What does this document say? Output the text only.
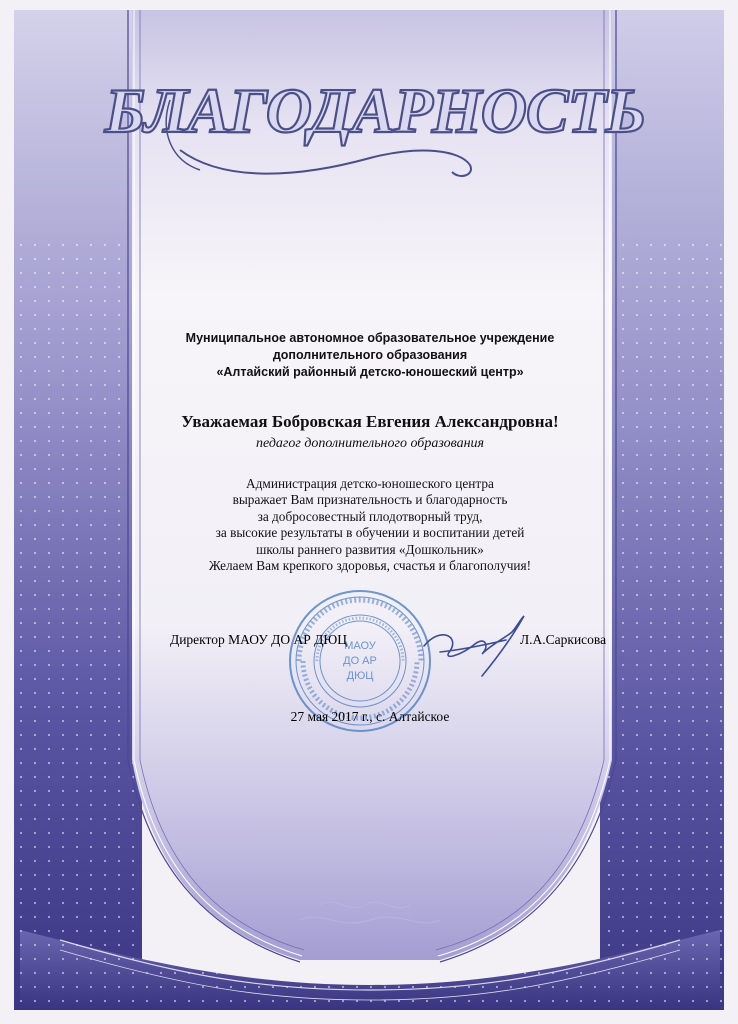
БЛАГОДАРНОСТЬ
Муниципальное автономное образовательное учреждение
дополнительного образования
«Алтайский районный детско-юношеский центр»
Уважаемая Бобровская Евгения Александровна!
педагог дополнительного образования
Администрация детско-юношеского центра
выражает Вам признательность и благодарность
за добросовестный плодотворный труд,
за высокие результаты в обучении и воспитании детей
школы раннего развития «Дошкольник»
Желаем Вам крепкого здоровья, счастья и благополучия!
МАОУ
ДО АР
ДЮЦ
Директор МАОУ ДО АР ДЮЦ	Л.А.Саркисова
27 мая 2017 г., с. Алтайское
